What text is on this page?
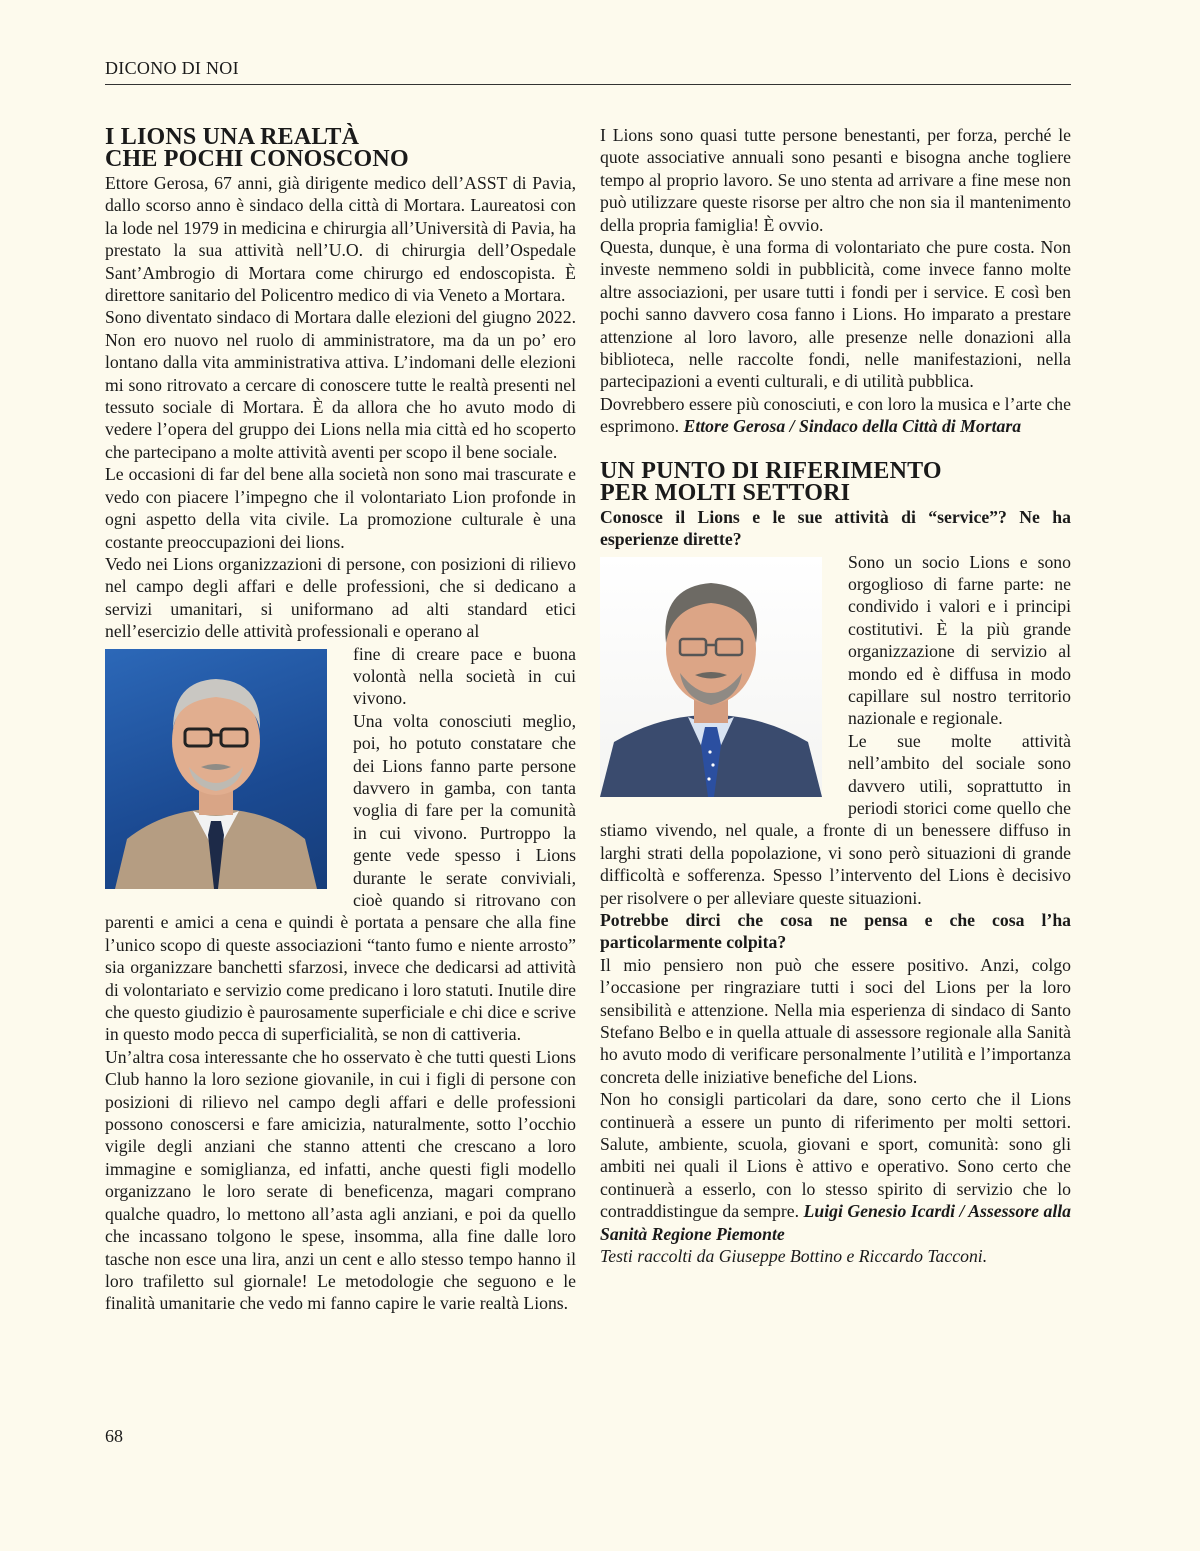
DICONO DI NOI
I LIONS UNA REALTÀ
CHE POCHI CONOSCONO

Ettore Gerosa, 67 anni, già dirigente medico dell’ASST di Pavia, dallo scorso anno è sindaco della città di Mortara. Laureatosi con la lode nel 1979 in medicina e chirurgia all’Università di Pavia, ha prestato la sua attività nell’U.O. di chirurgia dell’Ospedale Sant’Ambrogio di Mortara come chirurgo ed endoscopista. È direttore sanitario del Policentro medico di via Veneto a Mortara.

Sono diventato sindaco di Mortara dalle elezioni del giugno 2022. Non ero nuovo nel ruolo di amministratore, ma da un po’ ero lontano dalla vita amministrativa attiva. L’indomani delle elezioni mi sono ritrovato a cercare di conoscere tutte le realtà presenti nel tessuto sociale di Mortara. È da allora che ho avuto modo di vedere l’opera del gruppo dei Lions nella mia città ed ho scoperto che partecipano a molte attività aventi per scopo il bene sociale.

Le occasioni di far del bene alla società non sono mai trascurate e vedo con piacere l’impegno che il volontariato Lion profonde in ogni aspetto della vita civile. La promozione culturale è una costante preoccupazioni dei lions.

Vedo nei Lions organizzazioni di persone, con posizioni di rilievo nel campo degli affari e delle professioni, che si dedicano a servizi umanitari, si uniformano ad alti standard etici nell’esercizio delle attività professionali e operano al

fine di creare pace e buona volontà nella società in cui vivono.

Una volta conosciuti meglio, poi, ho potuto constatare che dei Lions fanno parte persone davvero in gamba, con tanta voglia di fare per la comunità in cui vivono. Purtroppo la gente vede spesso i Lions durante le serate conviviali, cioè quando si ritrovano con parenti e amici a cena e quindi è portata a pensare che alla fine l’unico scopo di queste associazioni “tanto fumo e niente arrosto” sia organizzare banchetti sfarzosi, invece che dedicarsi ad attività di volontariato e servizio come predicano i loro statuti. Inutile dire che questo giudizio è paurosamente superficiale e chi dice e scrive in questo modo pecca di superficialità, se non di cattiveria.

Un’altra cosa interessante che ho osservato è che tutti questi Lions Club hanno la loro sezione giovanile, in cui i figli di persone con posizioni di rilievo nel campo degli affari e delle professioni possono conoscersi e fare amicizia, naturalmente, sotto l’occhio vigile degli anziani che stanno attenti che crescano a loro immagine e somiglianza, ed infatti, anche questi figli modello organizzano le loro serate di beneficenza, magari comprano qualche quadro, lo mettono all’asta agli anziani, e poi da quello che incassano tolgono le spese, insomma, alla fine dalle loro tasche non esce una lira, anzi un cent e allo stesso tempo hanno il loro trafiletto sul giornale! Le metodologie che seguono e le finalità umanitarie che vedo mi fanno capire le varie realtà Lions.

I Lions sono quasi tutte persone benestanti, per forza, perché le quote associative annuali sono pesanti e bisogna anche togliere tempo al proprio lavoro. Se uno stenta ad arrivare a fine mese non può utilizzare queste risorse per altro che non sia il mantenimento della propria famiglia! È ovvio.

Questa, dunque, è una forma di volontariato che pure costa. Non investe nemmeno soldi in pubblicità, come invece fanno molte altre associazioni, per usare tutti i fondi per i service. E così ben pochi sanno davvero cosa fanno i Lions. Ho imparato a prestare attenzione al loro lavoro, alle presenze nelle donazioni alla biblioteca, nelle raccolte fondi, nelle manifestazioni, nella partecipazioni a eventi culturali, e di utilità pubblica.

Dovrebbero essere più conosciuti, e con loro la musica e l’arte che esprimono. Ettore Gerosa / Sindaco della Città di Mortara

UN PUNTO DI RIFERIMENTO
PER MOLTI SETTORI

Conosce il Lions e le sue attività di “service”? Ne ha esperienze dirette?

Sono un socio Lions e sono orgoglioso di farne parte: ne condivido i valori e i principi costitutivi. È la più grande organizzazione di servizio al mondo ed è diffusa in modo capillare sul nostro territorio nazionale e regionale.

Le sue molte attività nell’ambito del sociale sono davvero utili, soprattutto in periodi storici come quello che stiamo vivendo, nel quale, a fronte di un benessere diffuso in larghi strati della popolazione, vi sono però situazioni di grande difficoltà e sofferenza. Spesso l’intervento del Lions è decisivo per risolvere o per alleviare queste situazioni.

Potrebbe dirci che cosa ne pensa e che cosa l’ha particolarmente colpita?

Il mio pensiero non può che essere positivo. Anzi, colgo l’occasione per ringraziare tutti i soci del Lions per la loro sensibilità e attenzione. Nella mia esperienza di sindaco di Santo Stefano Belbo e in quella attuale di assessore regionale alla Sanità ho avuto modo di verificare personalmente l’utilità e l’importanza concreta delle iniziative benefiche del Lions.

Non ho consigli particolari da dare, sono certo che il Lions continuerà a essere un punto di riferimento per molti settori. Salute, ambiente, scuola, giovani e sport, comunità: sono gli ambiti nei quali il Lions è attivo e operativo. Sono certo che continuerà a esserlo, con lo stesso spirito di servizio che lo contraddistingue da sempre. Luigi Genesio Icardi / Assessore alla Sanità Regione Piemonte

Testi raccolti da Giuseppe Bottino e Riccardo Tacconi.

68
